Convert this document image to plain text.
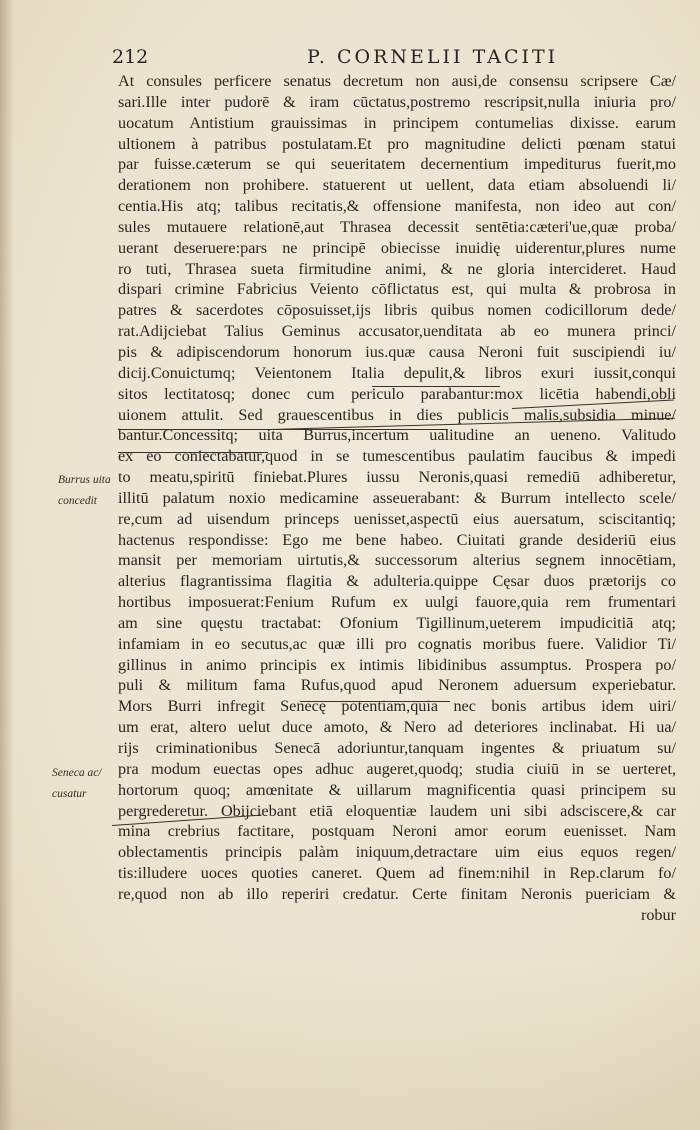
212	P. CORNELII TACITI
At consules perficere senatus decretum non ausi,de consensu scripsere Cæ/
sari.Ille inter pudorē & iram cūctatus,postremo rescripsit,nulla iniuria pro/
uocatum Antistium grauissimas in principem contumelias dixisse. earum
ultionem à patribus postulatam.Et pro magnitudine delicti pœnam statui
par fuisse.cæterum se qui seueritatem decernentium impediturus fuerit,mo
derationem non prohibere. statuerent ut uellent, data etiam absoluendi li/
centia.His atq; talibus recitatis,& offensione manifesta, non ideo aut con/
sules mutauere relationē,aut Thrasea decessit sentētia:cæteri'ue,quæ proba/
uerant deseruere:pars ne principē obiecisse inuidię uiderentur,plures nume
ro tuti, Thrasea sueta firmitudine animi, & ne gloria intercideret. Haud
dispari crimine Fabricius Veiento cōflictatus est, qui multa & probrosa in
patres & sacerdotes cōposuisset,ijs libris quibus nomen codicillorum dede/
rat.Adijciebat Talius Geminus accusator,uenditata ab eo munera princi/
pis & adipiscendorum honorum ius.quæ causa Neroni fuit suscipiendi iu/
dicij.Conuictumq; Veientonem Italia depulit,& libros exuri iussit,conqui
sitos lectitatosq; donec cum periculo parabantur:mox licētia habendi,obli
uionem attulit. Sed grauescentibus in dies publicis malis,subsidia minue/
bantur.Concessitq; uita Burrus,incertum ualitudine an ueneno. Valitudo
ex eo coniectabatur,quod in se tumescentibus paulatim faucibus & impedi
to meatu,spiritū finiebat.Plures iussu Neronis,quasi remediū adhiberetur,
illitū palatum noxio medicamine asseuerabant: & Burrum intellecto scele/
re,cum ad uisendum princeps uenisset,aspectū eius auersatum, sciscitantiq;
hactenus respondisse: Ego me bene habeo. Ciuitati grande desideriū eius
mansit per memoriam uirtutis,& successorum alterius segnem innocētiam,
alterius flagrantissima flagitia & adulteria.quippe Cęsar duos prætorijs co
hortibus imposuerat:Fenium Rufum ex uulgi fauore,quia rem frumentari
am sine quęstu tractabat: Ofonium Tigillinum,ueterem impudicitiā atq;
infamiam in eo secutus,ac quæ illi pro cognatis moribus fuere. Validior Ti/
gillinus in animo principis ex intimis libidinibus assumptus. Prospera po/
puli & militum fama Rufus,quod apud Neronem aduersum experiebatur.
Mors Burri infregit Senecę potentiam,quia nec bonis artibus idem uiri/
um erat, altero uelut duce amoto, & Nero ad deteriores inclinabat. Hi ua/
rijs criminationibus Senecā adoriuntur,tanquam ingentes & priuatum su/
pra modum euectas opes adhuc augeret,quodq; studia ciuiū in se uerteret,
hortorum quoq; amœnitate & uillarum magnificentia quasi principem su
pergrederetur. Obijciebant etiā eloquentiæ laudem uni sibi adsciscere,& car
mina crebrius factitare, postquam Neroni amor eorum euenisset. Nam
oblectamentis principis palàm iniquum,detractare uim eius equos regen/
tis:illudere uoces quoties caneret. Quem ad finem:nihil in Rep.clarum fo/
re,quod non ab illo reperiri credatur. Certe finitam Neronis puericiam &
robur
Burrus uita
concedit
Seneca ac/
cusatur
